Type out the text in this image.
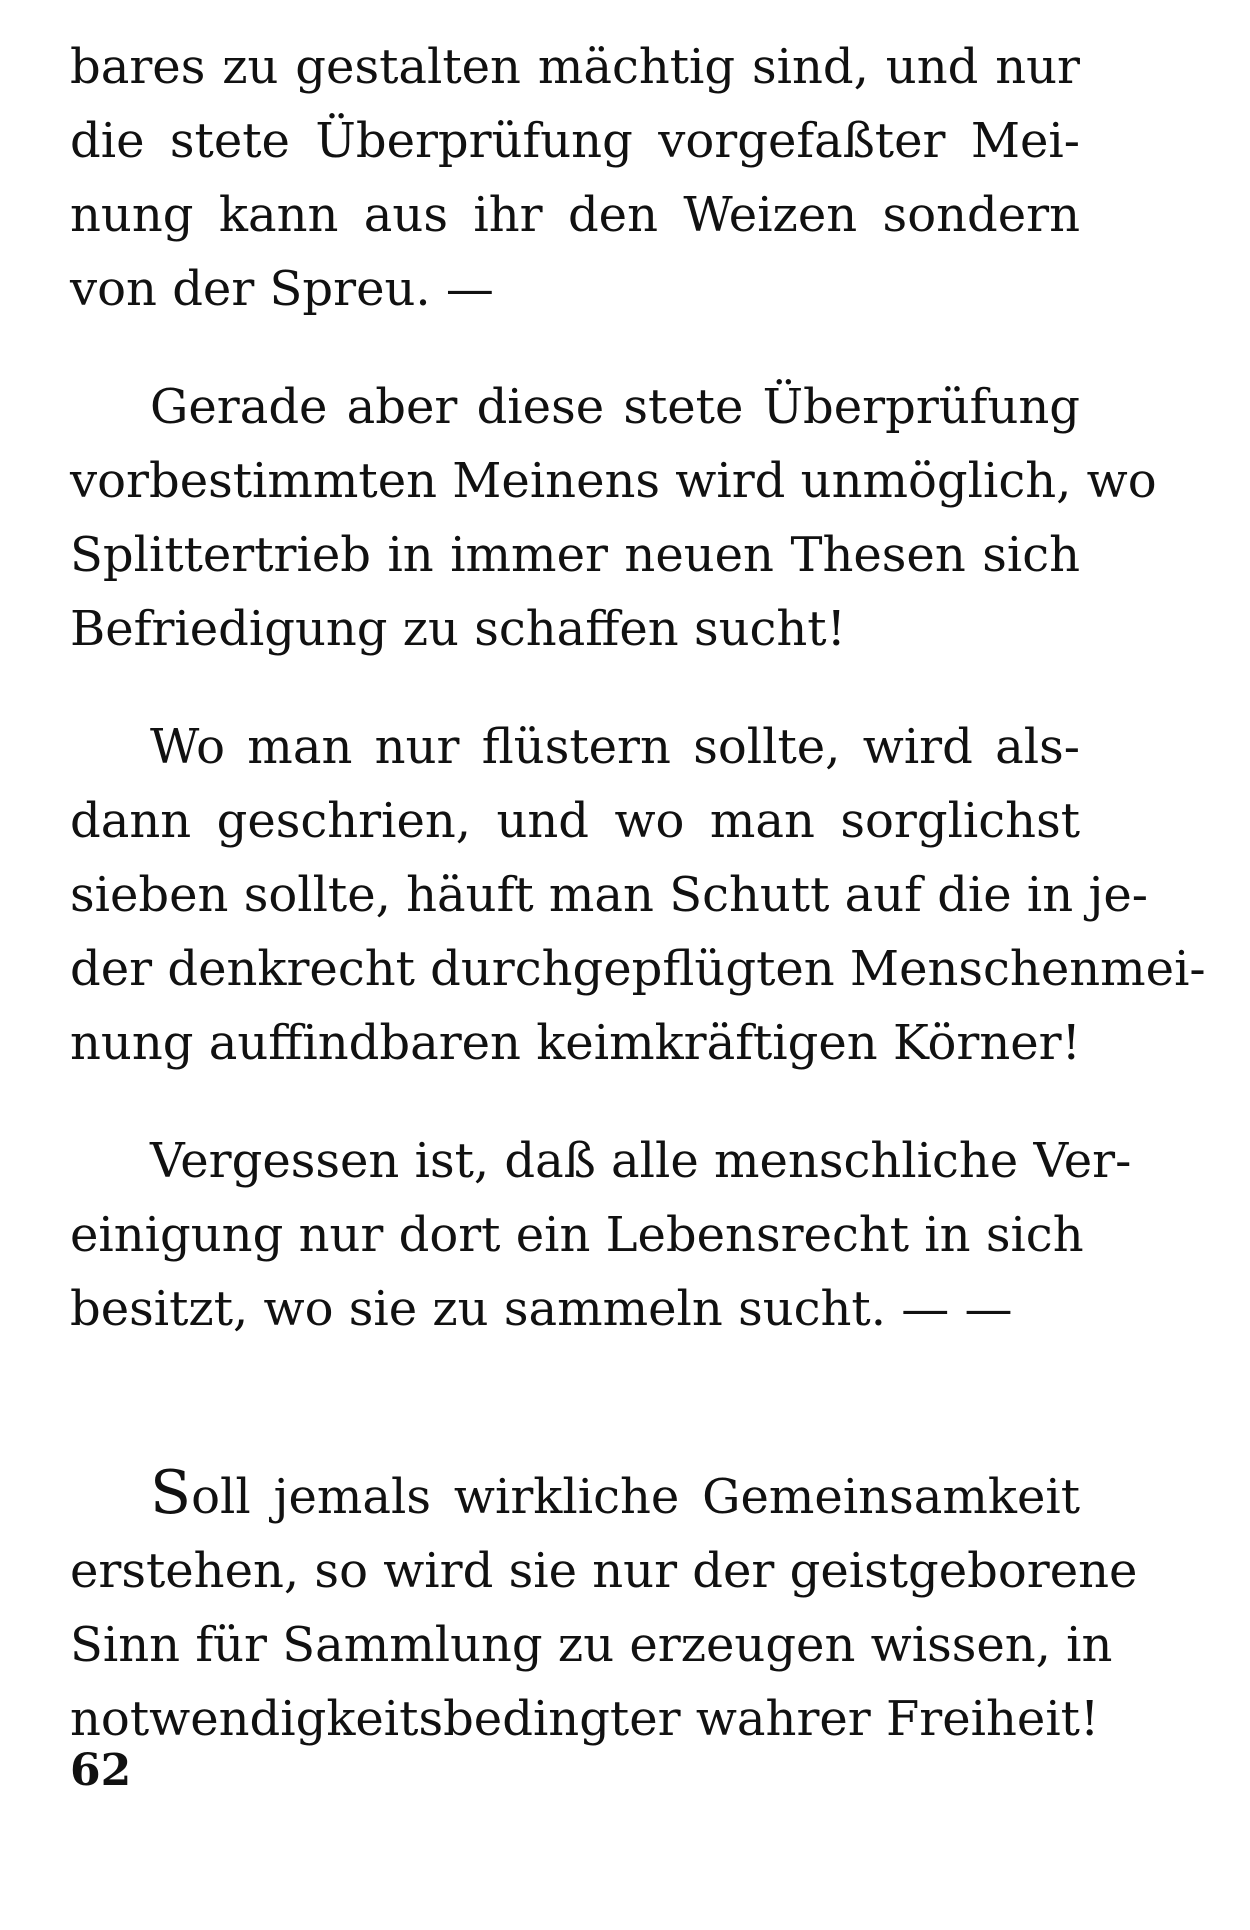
bares zu gestalten mächtig sind, und nur
die stete Überprüfung vorgefaßter Mei-
nung kann aus ihr den Weizen sondern
von der Spreu. —

Gerade aber diese stete Überprüfung
vorbestimmten Meinens wird unmöglich, wo
Splittertrieb in immer neuen Thesen sich
Befriedigung zu schaffen sucht!

Wo man nur flüstern sollte, wird als-
dann geschrien, und wo man sorglichst
sieben sollte, häuft man Schutt auf die in je-
der denkrecht durchgepflügten Menschenmei-
nung auffindbaren keimkräftigen Körner!

Vergessen ist, daß alle menschliche Ver-
einigung nur dort ein Lebensrecht in sich
besitzt, wo sie zu sammeln sucht. — —

Soll jemals wirkliche Gemeinsamkeit
erstehen, so wird sie nur der geistgeborene
Sinn für Sammlung zu erzeugen wissen, in
notwendigkeitsbedingter wahrer Freiheit!

62
